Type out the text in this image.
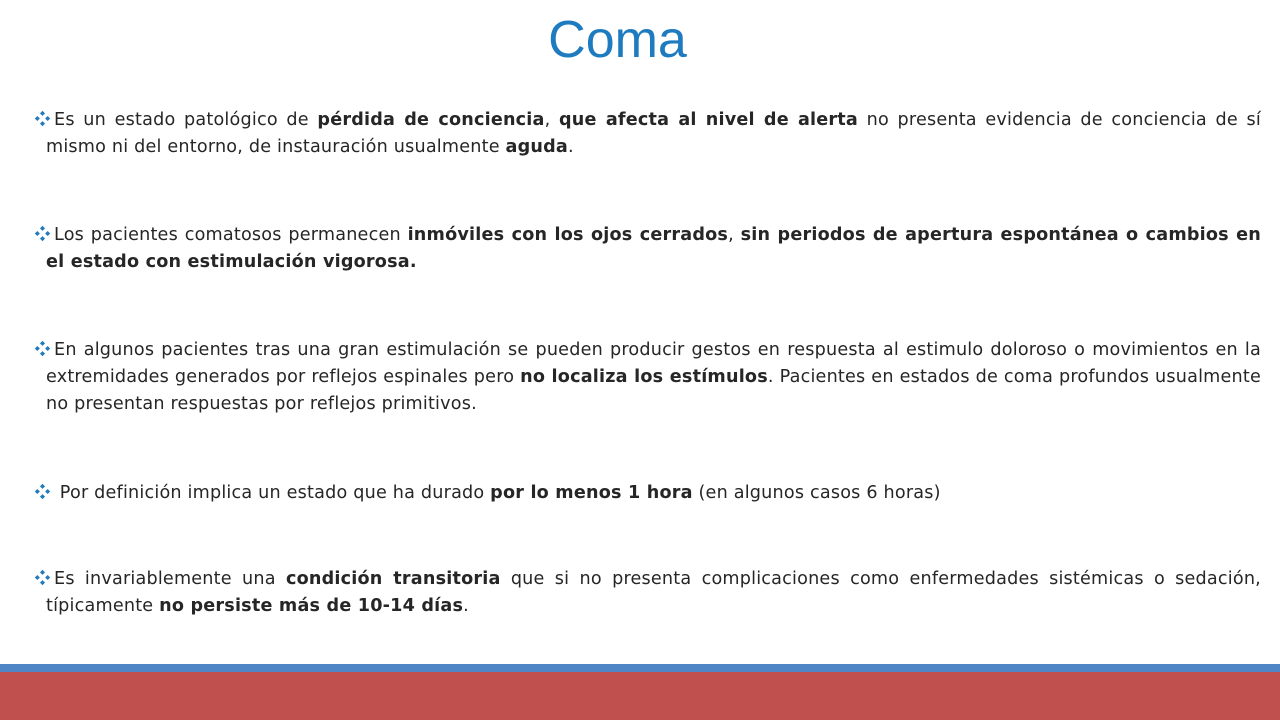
Coma
Es un estado patológico de pérdida de conciencia, que afecta al nivel de alerta no presenta evidencia de conciencia de sí mismo ni del entorno, de instauración usualmente aguda.
Los pacientes comatosos permanecen inmóviles con los ojos cerrados, sin periodos de apertura espontánea o cambios en el estado con estimulación vigorosa.
En algunos pacientes tras una gran estimulación se pueden producir gestos en respuesta al estimulo doloroso o movimientos en la extremidades generados por reflejos espinales pero no localiza los estímulos. Pacientes en estados de coma profundos usualmente no presentan respuestas por reflejos primitivos.
Por definición implica un estado que ha durado por lo menos 1 hora (en algunos casos 6 horas)
Es invariablemente una condición transitoria que si no presenta complicaciones como enfermedades sistémicas o sedación, típicamente no persiste más de 10-14 días.
